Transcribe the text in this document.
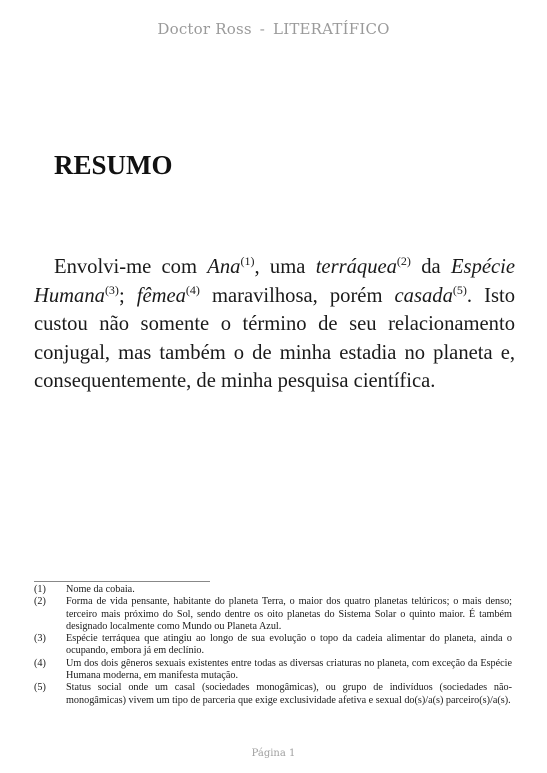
Doctor Ross - LITERATÍFICO
RESUMO

Envolvi-me com Ana$^{(1)}$, uma terráquea$^{(2)}$ da Espécie Humana$^{(3)}$; fêmea$^{(4)}$ maravilhosa, porém casada$^{(5)}$. Isto custou não somente o término de seu relacionamento conjugal, mas também o de minha estadia no planeta e, consequentemente, de minha pesquisa científica.

(1)	Nome da cobaia.
(2)	Forma de vida pensante, habitante do planeta Terra, o maior dos quatro planetas telúricos; o mais denso; terceiro mais próximo do Sol, sendo dentre os oito planetas do Sistema Solar o quinto maior. É também designado localmente como Mundo ou Planeta Azul.
(3)	Espécie terráquea que atingiu ao longo de sua evolução o topo da cadeia alimentar do planeta, ainda o ocupando, embora já em declínio.
(4)	Um dos dois gêneros sexuais existentes entre todas as diversas criaturas no planeta, com exceção da Espécie Humana moderna, em manifesta mutação.
(5)	Status social onde um casal (sociedades monogâmicas), ou grupo de indivíduos (sociedades não-monogâmicas) vivem um tipo de parceria que exige exclusividade afetiva e sexual do(s)/a(s) parceiro(s)/a(s).
Página 1
